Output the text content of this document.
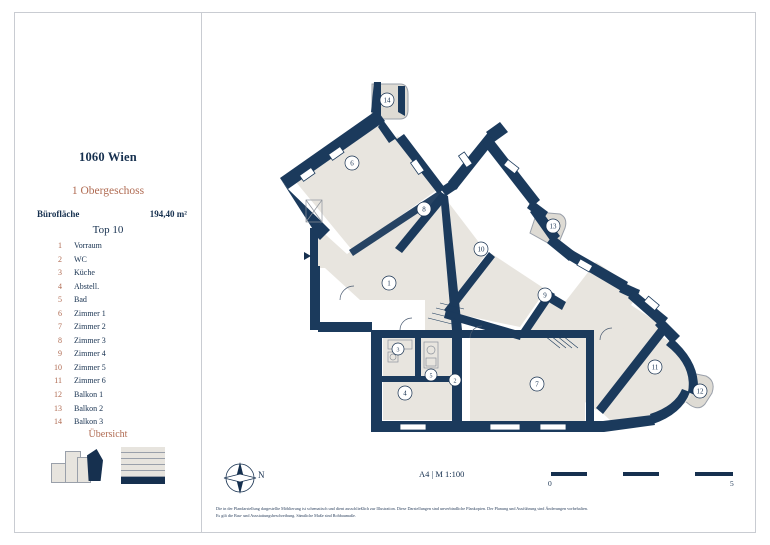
1060 Wien
1 Obergeschoss
Bürofläche	194,40 m²
Top 10
1 Vorraum
2 WC
3 Küche
4 Abstell.
5 Bad
6 Zimmer 1
7 Zimmer 2
8 Zimmer 3
9 Zimmer 4
10 Zimmer 5
11 Zimmer 6
12 Balkon 1
13 Balkon 2
14 Balkon 3
Übersicht
6
8
10
9
1
3
5
4
2	7
11
14
13
12
N	A4 | M 1:100
0	5
Die in der Plandarstellung dargestellte Möblierung ist schematisch und dient ausschließlich zur Illustration. Diese Darstellungen sind unverbindliche Plankopien. Der Planung und Ausführung sind Änderungen vorbehalten.
Es gilt die Bau- und Ausstattungsbeschreibung. Sämtliche Maße sind Rohbaumaße.
